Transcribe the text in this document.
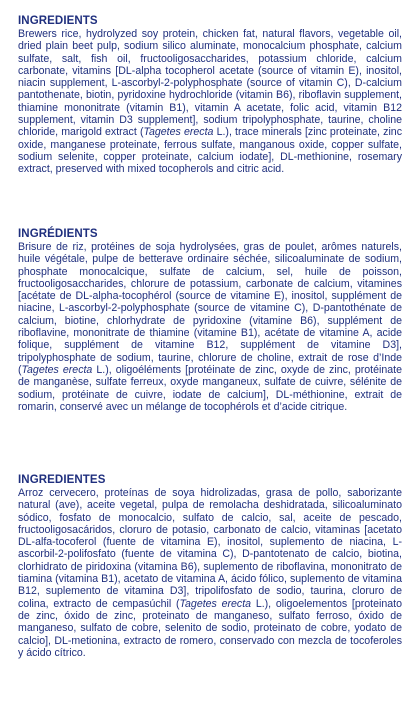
INGREDIENTS

Brewers rice, hydrolyzed soy protein, chicken fat, natural flavors, vegetable oil, dried plain beet pulp, sodium silico aluminate, monocalcium phosphate, calcium sulfate, salt, fish oil, fructooligosaccharides, potassium chloride, calcium carbonate, vitamins [DL-alpha tocopherol acetate (source of vitamin E), inositol, niacin supplement, L-ascorbyl-2-polyphosphate (source of vitamin C), D-calcium pantothenate, biotin, pyridoxine hydrochloride (vitamin B6), riboflavin supplement, thiamine mononitrate (vitamin B1), vitamin A acetate, folic acid, vitamin B12 supplement, vitamin D3 supplement], sodium tripolyphosphate, taurine, choline chloride, marigold extract (Tagetes erecta L.), trace minerals [zinc proteinate, zinc oxide, manganese proteinate, ferrous sulfate, manganous oxide, copper sulfate, sodium selenite, copper proteinate, calcium iodate], DL-methionine, rosemary extract, preserved with mixed tocopherols and citric acid.

INGRÉDIENTS

Brisure de riz, protéines de soja hydrolysées, gras de poulet, arômes naturels, huile végétale, pulpe de betterave ordinaire séchée, silicoaluminate de sodium, phosphate monocalcique, sulfate de calcium, sel, huile de poisson, fructooligosaccharides, chlorure de potassium, carbonate de calcium, vitamines [acétate de DL-alpha-tocophérol (source de vitamine E), inositol, supplément de niacine, L-ascorbyl-2-polyphosphate (source de vitamine C), D-pantothénate de calcium, biotine, chlorhydrate de pyridoxine (vitamine B6), supplément de riboflavine, mononitrate de thiamine (vitamine B1), acétate de vitamine A, acide folique, supplément de vitamine B12, supplément de vitamine D3], tripolyphosphate de sodium, taurine, chlorure de choline, extrait de rose d’Inde (Tagetes erecta L.), oligoéléments [protéinate de zinc, oxyde de zinc, protéinate de manganèse, sulfate ferreux, oxyde manganeux, sulfate de cuivre, sélénite de sodium, protéinate de cuivre, iodate de calcium], DL-méthionine, extrait de romarin, conservé avec un mélange de tocophérols et d’acide citrique.

INGREDIENTES

Arroz cervecero, proteínas de soya hidrolizadas, grasa de pollo, saborizante natural (ave), aceite vegetal, pulpa de remolacha deshidratada, silicoaluminato sódico, fosfato de monocalcio, sulfato de calcio, sal, aceite de pescado, fructooligosacáridos, cloruro de potasio, carbonato de calcio, vitaminas [acetato DL-alfa-tocoferol (fuente de vitamina E), inositol, suplemento de niacina, L-ascorbil-2-polifosfato (fuente de vitamina C), D-pantotenato de calcio, biotina, clorhidrato de piridoxina (vitamina B6), suplemento de riboflavina, mononitrato de tiamina (vitamina B1), acetato de vitamina A, ácido fólico, suplemento de vitamina B12, suplemento de vitamina D3], tripolifosfato de sodio, taurina, cloruro de colina, extracto de cempasúchil (Tagetes erecta L.), oligoelementos [proteinato de zinc, óxido de zinc, proteinato de manganeso, sulfato ferroso, óxido de manganeso, sulfato de cobre, selenito de sodio, proteinato de cobre, yodato de calcio], DL-metionina, extracto de romero, conservado con mezcla de tocoferoles y ácido cítrico.
